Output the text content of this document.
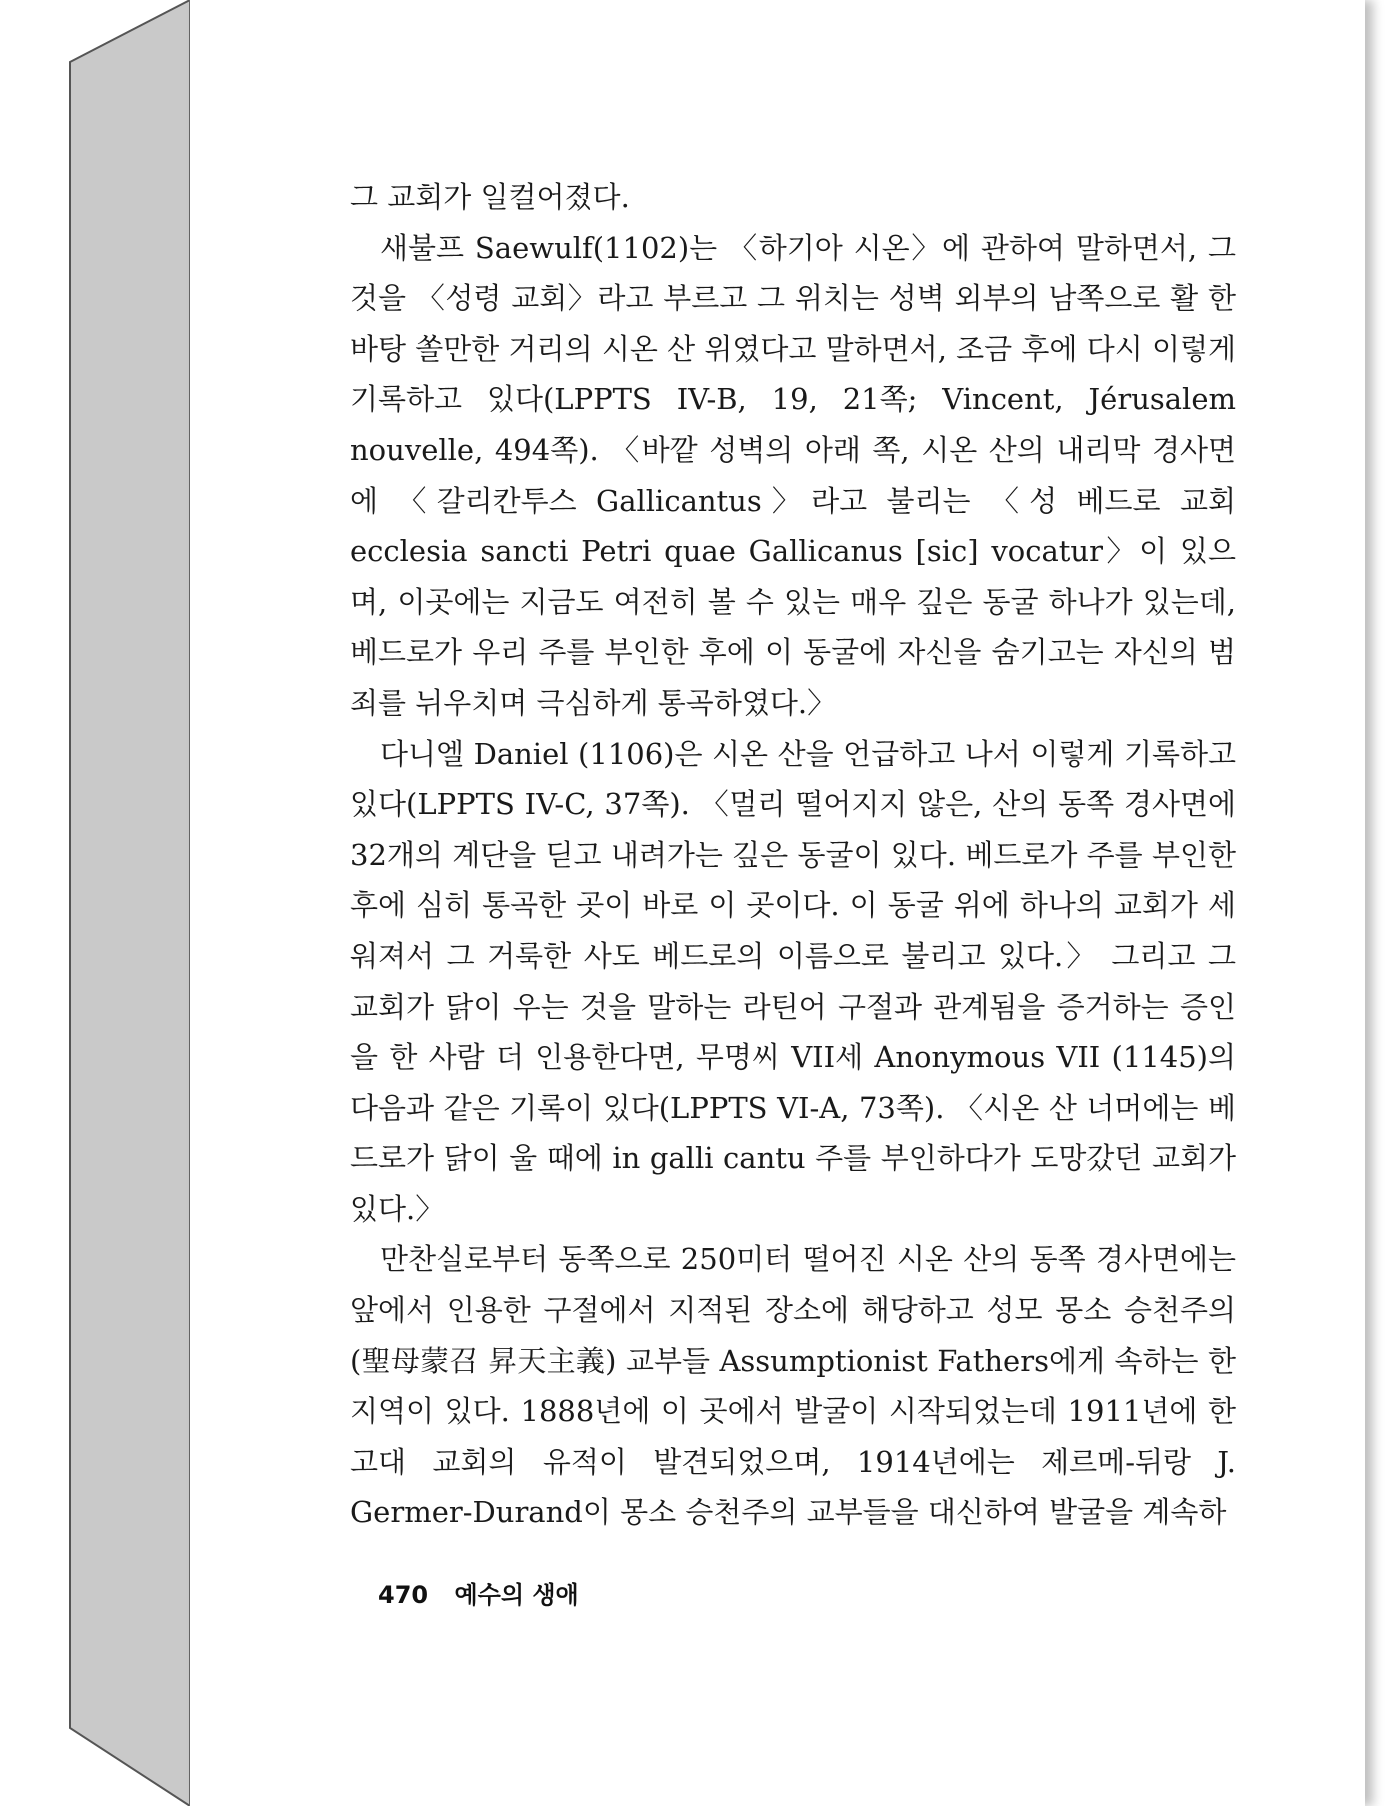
그 교회가 일컬어졌다.

새불프 Saewulf(1102)는 〈하기아 시온〉에 관하여 말하면서, 그것을 〈성령 교회〉라고 부르고 그 위치는 성벽 외부의 남쪽으로 활 한 바탕 쏠만한 거리의 시온 산 위였다고 말하면서, 조금 후에 다시 이렇게 기록하고 있다(LPPTS IV-B, 19, 21쪽; Vincent, Jérusalem nouvelle, 494쪽). 〈바깥 성벽의 아래 쪽, 시온 산의 내리막 경사면에 〈갈리칸투스 Gallicantus〉라고 불리는 〈성 베드로 교회 ecclesia sancti Petri quae Gallicanus [sic] vocatur〉이 있으며, 이곳에는 지금도 여전히 볼 수 있는 매우 깊은 동굴 하나가 있는데, 베드로가 우리 주를 부인한 후에 이 동굴에 자신을 숨기고는 자신의 범죄를 뉘우치며 극심하게 통곡하였다.〉

다니엘 Daniel (1106)은 시온 산을 언급하고 나서 이렇게 기록하고 있다(LPPTS IV-C, 37쪽). 〈멀리 떨어지지 않은, 산의 동쪽 경사면에 32개의 계단을 딛고 내려가는 깊은 동굴이 있다. 베드로가 주를 부인한 후에 심히 통곡한 곳이 바로 이 곳이다. 이 동굴 위에 하나의 교회가 세워져서 그 거룩한 사도 베드로의 이름으로 불리고 있다.〉 그리고 그 교회가 닭이 우는 것을 말하는 라틴어 구절과 관계됨을 증거하는 증인을 한 사람 더 인용한다면, 무명씨 VII세 Anonymous VII (1145)의 다음과 같은 기록이 있다(LPPTS VI-A, 73쪽). 〈시온 산 너머에는 베드로가 닭이 울 때에 in galli cantu 주를 부인하다가 도망갔던 교회가 있다.〉

만찬실로부터 동쪽으로 250미터 떨어진 시온 산의 동쪽 경사면에는 앞에서 인용한 구절에서 지적된 장소에 해당하고 성모 몽소 승천주의(聖母蒙召 昇天主義) 교부들 Assumptionist Fathers에게 속하는 한 지역이 있다. 1888년에 이 곳에서 발굴이 시작되었는데 1911년에 한 고대 교회의 유적이 발견되었으며, 1914년에는 제르메-뒤랑 J. Germer-Durand이 몽소 승천주의 교부들을 대신하여 발굴을 계속하

470 예수의 생애
